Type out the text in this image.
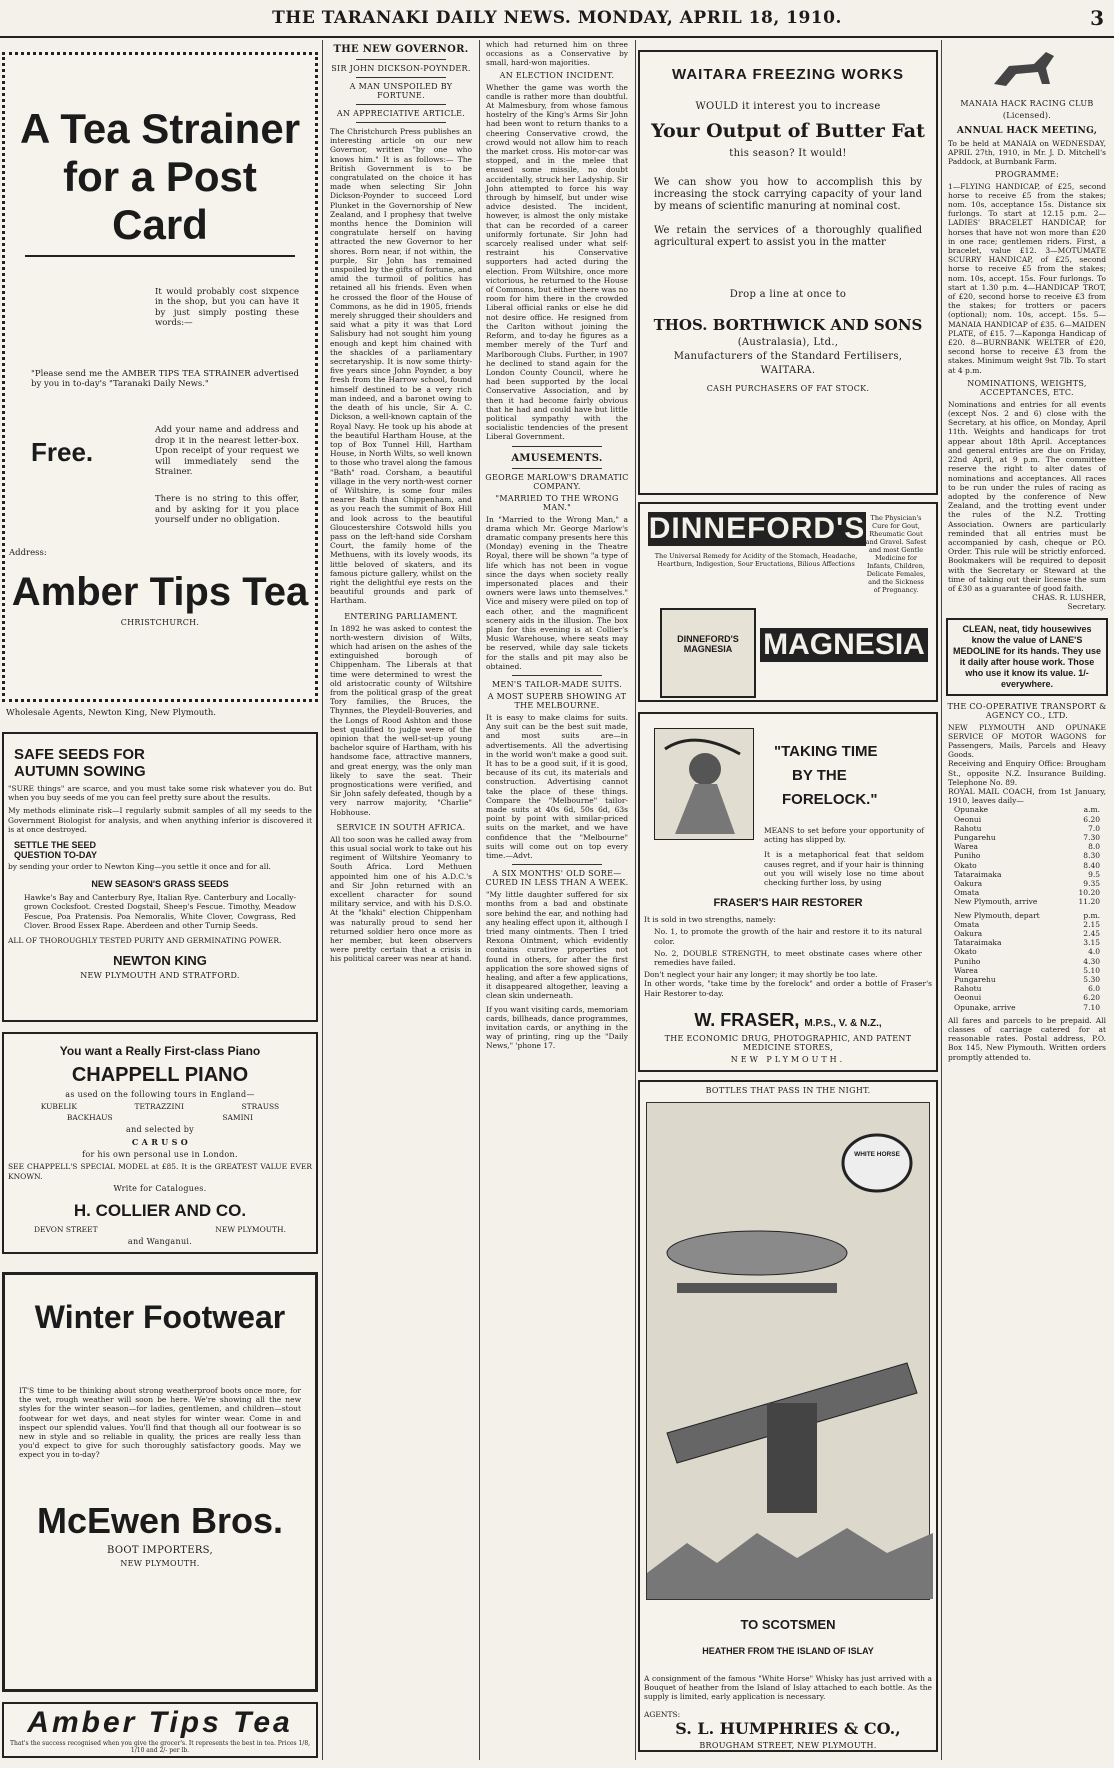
THE TARANAKI DAILY NEWS. MONDAY, APRIL 18, 1910.	3
A Tea Strainer
for a Post Card
It would probably cost sixpence in the shop, but you can have it by just simply posting these words:—
"Please send me the AMBER TIPS TEA STRAINER advertised by you in to-day's "Taranaki Daily News."
Add your name and address and drop it in the nearest letter-box. Upon receipt of your request we will immediately send the Strainer.
Free.
There is no string to this offer, and by asking for it you place yourself under no obligation.
Address:
Amber Tips Tea
CHRISTCHURCH.
Wholesale Agents, Newton King, New Plymouth.
SAFE SEEDS FOR
AUTUMN SOWING
"SURE things" are scarce, and you must take some risk whatever you do. But when you buy seeds of me you can feel pretty sure about the results.
My methods eliminate risk—I regularly submit samples of all my seeds to the Government Biologist for analysis, and when anything inferior is discovered it is at once destroyed.
SETTLE THE SEED
QUESTION TO-DAY
by sending your order to Newton King—you settle it once and for all.
NEW SEASON'S GRASS SEEDS
Hawke's Bay and Canterbury Rye, Italian Rye. Canterbury and Locally-grown Cocksfoot. Crested Dogstail, Sheep's Fescue. Timothy, Meadow Fescue, Poa Pratensis. Poa Nemoralis, White Clover, Cowgrass, Red Clover. Brood Essex Rape. Aberdeen and other Turnip Seeds.
ALL OF THOROUGHLY TESTED PURITY AND GERMINATING POWER.
NEWTON KING
NEW PLYMOUTH AND STRATFORD.
You want a Really First-class Piano
CHAPPELL PIANO
as used on the following tours in England—
KUBELIK	TETRAZZINI	STRAUSS
BACKHAUS	SAMINI
and selected by
C A R U S O
for his own personal use in London.
SEE CHAPPELL'S SPECIAL MODEL at £85. It is the GREATEST VALUE EVER KNOWN.
Write for Catalogues.
H. COLLIER AND CO.
DEVON STREET	NEW PLYMOUTH.
and Wanganui.
Winter Footwear
IT'S time to be thinking about strong weatherproof boots once more, for the wet, rough weather will soon be here. We're showing all the new styles for the winter season—for ladies, gentlemen, and children—stout footwear for wet days, and neat styles for winter wear. Come in and inspect our splendid values. You'll find that though all our footwear is so new in style and so reliable in quality, the prices are really less than you'd expect to give for such thoroughly satisfactory goods. May we expect you in to-day?
McEwen Bros.
BOOT IMPORTERS,
NEW PLYMOUTH.
Amber Tips Tea
That's the success recognised when you give the grocer's. It represents the best in tea. Prices 1/8, 1/10 and 2/- per lb.
THE NEW GOVERNOR.
SIR JOHN DICKSON-POYNDER.
A MAN UNSPOILED BY FORTUNE.
AN APPRECIATIVE ARTICLE.
The Christchurch Press publishes an interesting article on our new Governor, written "by one who knows him." It is as follows:— The British Government is to be congratulated on the choice it has made when selecting Sir John Dickson-Poynder to succeed Lord Plunket in the Governorship of New Zealand, and I prophesy that twelve months hence the Dominion will congratulate herself on having attracted the new Governor to her shores. Born near, if not within, the purple, Sir John has remained unspoiled by the gifts of fortune, and amid the turmoil of politics has retained all his friends. Even when he crossed the floor of the House of Commons, as he did in 1905, friends merely shrugged their shoulders and said what a pity it was that Lord Salisbury had not sought him young enough and kept him chained with the shackles of a parliamentary secretaryship. It is now some thirty-five years since John Poynder, a boy fresh from the Harrow school, found himself destined to be a very rich man indeed, and a baronet owing to the death of his uncle, Sir A. C. Dickson, a well-known captain of the Royal Navy. He took up his abode at the beautiful Hartham House, at the top of Box Tunnel Hill, Hartham House, in North Wilts, so well known to those who travel along the famous "Bath" road. Corsham, a beautiful village in the very north-west corner of Wiltshire, is some four miles nearer Bath than Chippenham, and as you reach the summit of Box Hill and look across to the beautiful Gloucestershire Cotswold hills you pass on the left-hand side Corsham Court, the family home of the Methuens, with its lovely woods, its little beloved of skaters, and its famous picture gallery, whilst on the right the delightful eye rests on the beautiful grounds and park of Hartham.
ENTERING PARLIAMENT.
In 1892 he was asked to contest the north-western division of Wilts, which had arisen on the ashes of the extinguished borough of Chippenham. The Liberals at that time were determined to wrest the old aristocratic county of Wiltshire from the political grasp of the great Tory families, the Bruces, the Thynnes, the Pleydell-Bouveries, and the Longs of Rood Ashton and those best qualified to judge were of the opinion that the well-set-up young bachelor squire of Hartham, with his handsome face, attractive manners, and great energy, was the only man likely to save the seat. Their prognostications were verified, and Sir John safely defeated, though by a very narrow majority, "Charlie" Hobhouse.
SERVICE IN SOUTH AFRICA.
All too soon was he called away from this usual social work to take out his regiment of Wiltshire Yeomanry to South Africa. Lord Methuen appointed him one of his A.D.C.'s and Sir John returned with an excellent character for sound military service, and with his D.S.O. At the "khaki" election Chippenham was naturally proud to send her returned soldier hero once more as her member, but keen observers were pretty certain that a crisis in his political career was near at hand.
which had returned him on three occasions as a Conservative by small, hard-won majorities.
AN ELECTION INCIDENT.
Whether the game was worth the candle is rather more than doubtful. At Malmesbury, from whose famous hostelry of the King's Arms Sir John had been wont to return thanks to a cheering Conservative crowd, the crowd would not allow him to reach the market cross. His motor-car was stopped, and in the melee that ensued some missile, no doubt accidentally, struck her Ladyship. Sir John attempted to force his way through by himself, but under wise advice desisted. The incident, however, is almost the only mistake that can be recorded of a career uniformly fortunate. Sir John had scarcely realised under what self-restraint his Conservative supporters had acted during the election. From Wiltshire, once more victorious, he returned to the House of Commons, but either there was no room for him there in the crowded Liberal official ranks or else he did not desire office. He resigned from the Carlton without joining the Reform, and to-day he figures as a member merely of the Turf and Marlborough Clubs. Further, in 1907 he declined to stand again for the London County Council, where he had been supported by the local Conservative Association, and by then it had become fairly obvious that he had and could have but little political sympathy with the socialistic tendencies of the present Liberal Government.
AMUSEMENTS.
GEORGE MARLOW'S DRAMATIC COMPANY.
"MARRIED TO THE WRONG MAN."
In "Married to the Wrong Man," a drama which Mr. George Marlow's dramatic company presents here this (Monday) evening in the Theatre Royal, there will be shown "a type of life which has not been in vogue since the days when society really impersonated places and their owners were laws unto themselves." Vice and misery were piled on top of each other, and the magnificent scenery aids in the illusion. The box plan for this evening is at Collier's Music Warehouse, where seats may be reserved, while day sale tickets for the stalls and pit may also be obtained.
MEN'S TAILOR-MADE SUITS.
A MOST SUPERB SHOWING AT THE MELBOURNE.
It is easy to make claims for suits. Any suit can be the best suit made, and most suits are—in advertisements. All the advertising in the world won't make a good suit. It has to be a good suit, if it is good, because of its cut, its materials and construction. Advertising cannot take the place of these things. Compare the "Melbourne" tailor-made suits at 40s 6d, 50s 6d, 63s point by point with similar-priced suits on the market, and we have confidence that the "Melbourne" suits will come out on top every time.—Advt.
A SIX MONTHS' OLD SORE—CURED IN LESS THAN A WEEK.
"My little daughter suffered for six months from a bad and obstinate sore behind the ear, and nothing had any healing effect upon it, although I tried many ointments. Then I tried Rexona Ointment, which evidently contains curative properties not found in others, for after the first application the sore showed signs of healing, and after a few applications, it disappeared altogether, leaving a clean skin underneath.
If you want visiting cards, memoriam cards, billheads, dance programmes, invitation cards, or anything in the way of printing, ring up the "Daily News," 'phone 17.
WAITARA FREEZING WORKS
WOULD it interest you to increase
Your Output of Butter Fat
this season? It would!
We can show you how to accomplish this by increasing the stock carrying capacity of your land by means of scientific manuring at nominal cost.
We retain the services of a thoroughly qualified agricultural expert to assist you in the matter
Drop a line at once to
THOS. BORTHWICK AND SONS
(Australasia), Ltd.,
Manufacturers of the Standard Fertilisers,
WAITARA.
CASH PURCHASERS OF FAT STOCK.
DINNEFORD'S The Physician's Cure for Gout, Rheumatic Gout and Gravel. Safest and most Gentle Medicine for Infants, Children, Delicate Females, and the Sickness of Pregnancy.
The Universal Remedy for Acidity of the Stomach, Headache, Heartburn, Indigestion, Sour Eructations, Bilious Affections
DINNEFORD'S MAGNESIA	MAGNESIA
"TAKING TIME
BY THE
FORELOCK."
MEANS to set before your opportunity of acting has slipped by.
It is a metaphorical feat that seldom causes regret, and if your hair is thinning out you will wisely lose no time about checking further loss, by using
FRASER'S HAIR RESTORER
It is sold in two strengths, namely:
No. 1, to promote the growth of the hair and restore it to its natural color.
No. 2, DOUBLE STRENGTH, to meet obstinate cases where other remedies have failed.
Don't neglect your hair any longer; it may shortly be too late.
In other words, "take time by the forelock" and order a bottle of Fraser's Hair Restorer to-day.
W. FRASER, M.P.S., V. & N.Z.,
THE ECONOMIC DRUG, PHOTOGRAPHIC, AND PATENT MEDICINE STORES,
NEW PLYMOUTH.
BOTTLES THAT PASS IN THE NIGHT.
WHITE HORSE
TO SCOTSMEN
HEATHER FROM THE ISLAND OF ISLAY
A consignment of the famous "White Horse" Whisky has just arrived with a Bouquet of heather from the Island of Islay attached to each bottle. As the supply is limited, early application is necessary.
AGENTS:
S. L. HUMPHRIES & CO.,
BROUGHAM STREET, NEW PLYMOUTH.
MANAIA HACK RACING CLUB
(Licensed).
ANNUAL HACK MEETING,
To be held at MANAIA on WEDNESDAY, APRIL 27th, 1910, in Mr. J. D. Mitchell's Paddock, at Burnbank Farm.
PROGRAMME:
1—FLYING HANDICAP, of £25, second horse to receive £5 from the stakes; nom. 10s, acceptance 15s. Distance six furlongs. To start at 12.15 p.m. 2—LADIES' BRACELET HANDICAP, for horses that have not won more than £20 in one race; gentlemen riders. First, a bracelet, value £12. 3—MOTUMATE SCURRY HANDICAP, of £25, second horse to receive £5 from the stakes; nom. 10s, accept. 15s. Four furlongs. To start at 1.30 p.m. 4—HANDICAP TROT, of £20, second horse to receive £3 from the stakes; for trotters or pacers (optional); nom. 10s, accept. 15s. 5—MANAIA HANDICAP of £35. 6—MAIDEN PLATE, of £15. 7—Kaponga Handicap of £20. 8—BURNBANK WELTER of £20, second horse to receive £3 from the stakes. Minimum weight 9st 7lb. To start at 4 p.m.
NOMINATIONS, WEIGHTS, ACCEPTANCES, ETC.
Nominations and entries for all events (except Nos. 2 and 6) close with the Secretary, at his office, on Monday, April 11th. Weights and handicaps for trot appear about 18th April. Acceptances and general entries are due on Friday, 22nd April, at 9 p.m. The committee reserve the right to alter dates of nominations and acceptances. All races to be run under the rules of racing as adopted by the conference of New Zealand, and the trotting event under the rules of the N.Z. Trotting Association. Owners are particularly reminded that all entries must be accompanied by cash, cheque or P.O. Order. This rule will be strictly enforced. Bookmakers will be required to deposit with the Secretary or Steward at the time of taking out their license the sum of £30 as a guarantee of good faith.
CHAS. R. LUSHER,
Secretary.
CLEAN, neat, tidy housewives know the value of LANE'S MEDOLINE for its hands. They use it daily after house work. Those who use it know its value. 1/- everywhere.
THE CO-OPERATIVE TRANSPORT & AGENCY CO., LTD.
NEW PLYMOUTH AND OPUNAKE SERVICE OF MOTOR WAGONS for Passengers, Mails, Parcels and Heavy Goods.
Receiving and Enquiry Office: Brougham St., opposite N.Z. Insurance Building. Telephone No. 89.
ROYAL MAIL COACH, from 1st January, 1910, leaves daily—
Opunake	a.m.
Oeonui	6.20
Rahotu	7.0
Pungarehu	7.30
Warea	8.0
Puniho	8.30
Okato	8.40
Tataraimaka	9.5
Oakura	9.35
Omata	10.20
New Plymouth, arrive	11.20
New Plymouth, depart	p.m.
Omata	2.15
Oakura	2.45
Tataraimaka	3.15
Okato	4.0
Puniho	4.30
Warea	5.10
Pungarehu	5.30
Rahotu	6.0
Oeonui	6.20
Opunake, arrive	7.10
All fares and parcels to be prepaid. All classes of carriage catered for at reasonable rates. Postal address, P.O. Box 145, New Plymouth. Written orders promptly attended to.
